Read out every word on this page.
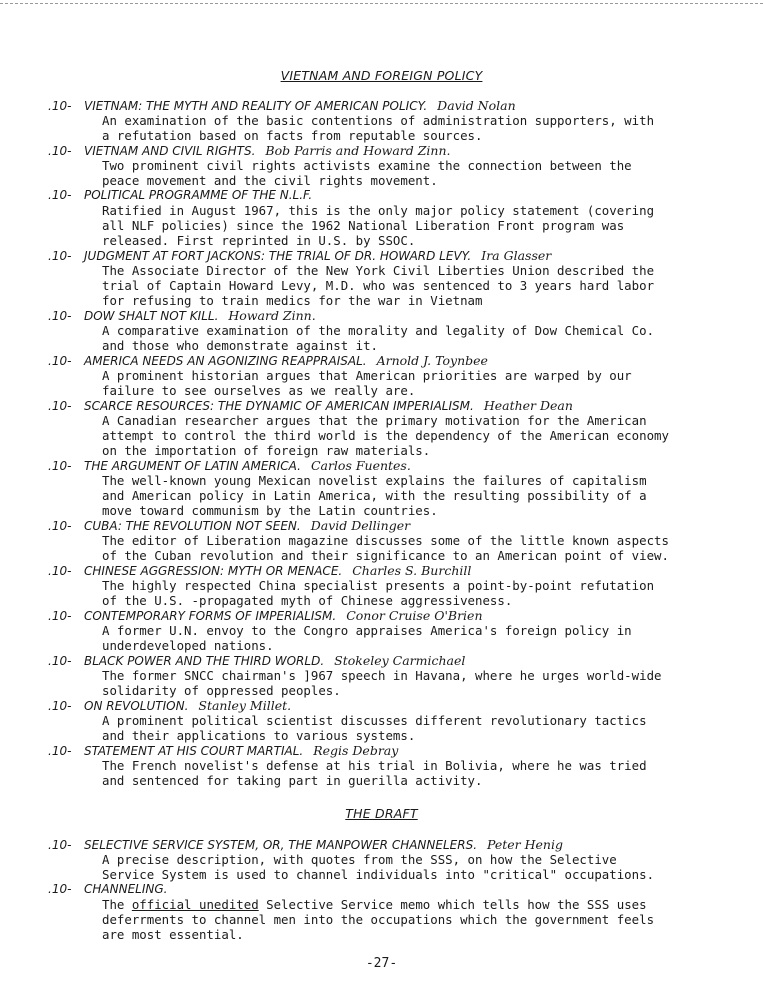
VIETNAM AND FOREIGN POLICY
.10- VIETNAM: THE MYTH AND REALITY OF AMERICAN POLICY. David Nolan
An examination of the basic contentions of administration supporters, with
a refutation based on facts from reputable sources.
.10- VIETNAM AND CIVIL RIGHTS. Bob Parris and Howard Zinn.
Two prominent civil rights activists examine the connection between the
peace movement and the civil rights movement.
.10- POLITICAL PROGRAMME OF THE N.L.F.
Ratified in August 1967, this is the only major policy statement (covering
all NLF policies) since the 1962 National Liberation Front program was
released. First reprinted in U.S. by SSOC.
.10- JUDGMENT AT FORT JACKONS: THE TRIAL OF DR. HOWARD LEVY. Ira Glasser
The Associate Director of the New York Civil Liberties Union described the
trial of Captain Howard Levy, M.D. who was sentenced to 3 years hard labor
for refusing to train medics for the war in Vietnam
.10- DOW SHALT NOT KILL. Howard Zinn.
A comparative examination of the morality and legality of Dow Chemical Co.
and those who demonstrate against it.
.10- AMERICA NEEDS AN AGONIZING REAPPRAISAL. Arnold J. Toynbee
A prominent historian argues that American priorities are warped by our
failure to see ourselves as we really are.
.10- SCARCE RESOURCES: THE DYNAMIC OF AMERICAN IMPERIALISM. Heather Dean
A Canadian researcher argues that the primary motivation for the American
attempt to control the third world is the dependency of the American economy
on the importation of foreign raw materials.
.10- THE ARGUMENT OF LATIN AMERICA. Carlos Fuentes.
The well-known young Mexican novelist explains the failures of capitalism
and American policy in Latin America, with the resulting possibility of a
move toward communism by the Latin countries.
.10- CUBA: THE REVOLUTION NOT SEEN. David Dellinger
The editor of Liberation magazine discusses some of the little known aspects
of the Cuban revolution and their significance to an American point of view.
.10- CHINESE AGGRESSION: MYTH OR MENACE. Charles S. Burchill
The highly respected China specialist presents a point-by-point refutation
of the U.S. -propagated myth of Chinese aggressiveness.
.10- CONTEMPORARY FORMS OF IMPERIALISM. Conor Cruise O'Brien
A former U.N. envoy to the Congro appraises America's foreign policy in
underdeveloped nations.
.10- BLACK POWER AND THE THIRD WORLD. Stokeley Carmichael
The former SNCC chairman's ]967 speech in Havana, where he urges world-wide
solidarity of oppressed peoples.
.10- ON REVOLUTION. Stanley Millet.
A prominent political scientist discusses different revolutionary tactics
and their applications to various systems.
.10- STATEMENT AT HIS COURT MARTIAL. Regis Debray
The French novelist's defense at his trial in Bolivia, where he was tried
and sentenced for taking part in guerilla activity.
THE DRAFT
.10- SELECTIVE SERVICE SYSTEM, OR, THE MANPOWER CHANNELERS. Peter Henig
A precise description, with quotes from the SSS, on how the Selective
Service System is used to channel individuals into "critical" occupations.
.10- CHANNELING.
The official unedited Selective Service memo which tells how the SSS uses
deferrments to channel men into the occupations which the government feels
are most essential.
-27-
